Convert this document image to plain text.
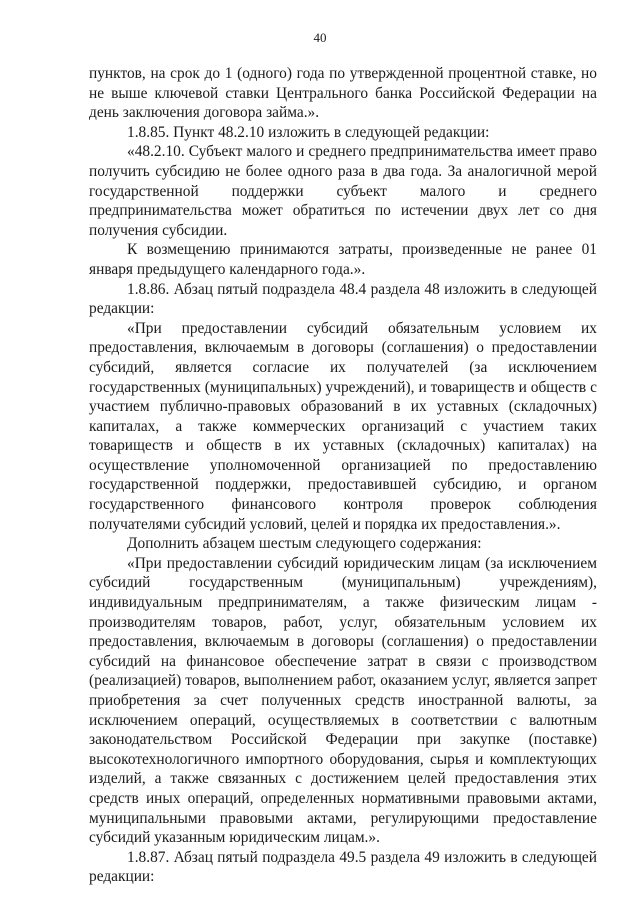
40

пунктов, на срок до 1 (одного) года по утвержденной процентной ставке, но не выше ключевой ставки Центрального банка Российской Федерации на день заключения договора займа.».

1.8.85. Пункт 48.2.10 изложить в следующей редакции:

«48.2.10. Субъект малого и среднего предпринимательства имеет право получить субсидию не более одного раза в два года. За аналогичной мерой государственной поддержки субъект малого и среднего предпринимательства может обратиться по истечении двух лет со дня получения субсидии.

К возмещению принимаются затраты, произведенные не ранее 01 января предыдущего календарного года.».

1.8.86. Абзац пятый подраздела 48.4 раздела 48 изложить в следующей редакции:

«При предоставлении субсидий обязательным условием их предоставления, включаемым в договоры (соглашения) о предоставлении субсидий, является согласие их получателей (за исключением государственных (муниципальных) учреждений), и товариществ и обществ с участием публично-правовых образований в их уставных (складочных) капиталах, а также коммерческих организаций с участием таких товариществ и обществ в их уставных (складочных) капиталах) на осуществление уполномоченной организацией по предоставлению государственной поддержки, предоставившей субсидию, и органом государственного финансового контроля проверок соблюдения получателями субсидий условий, целей и порядка их предоставления.».

Дополнить абзацем шестым следующего содержания:

«При предоставлении субсидий юридическим лицам (за исключением субсидий государственным (муниципальным) учреждениям), индивидуальным предпринимателям, а также физическим лицам - производителям товаров, работ, услуг, обязательным условием их предоставления, включаемым в договоры (соглашения) о предоставлении субсидий на финансовое обеспечение затрат в связи с производством (реализацией) товаров, выполнением работ, оказанием услуг, является запрет приобретения за счет полученных средств иностранной валюты, за исключением операций, осуществляемых в соответствии с валютным законодательством Российской Федерации при закупке (поставке) высокотехнологичного импортного оборудования, сырья и комплектующих изделий, а также связанных с достижением целей предоставления этих средств иных операций, определенных нормативными правовыми актами, муниципальными правовыми актами, регулирующими предоставление субсидий указанным юридическим лицам.».

1.8.87. Абзац пятый подраздела 49.5 раздела 49 изложить в следующей редакции:
